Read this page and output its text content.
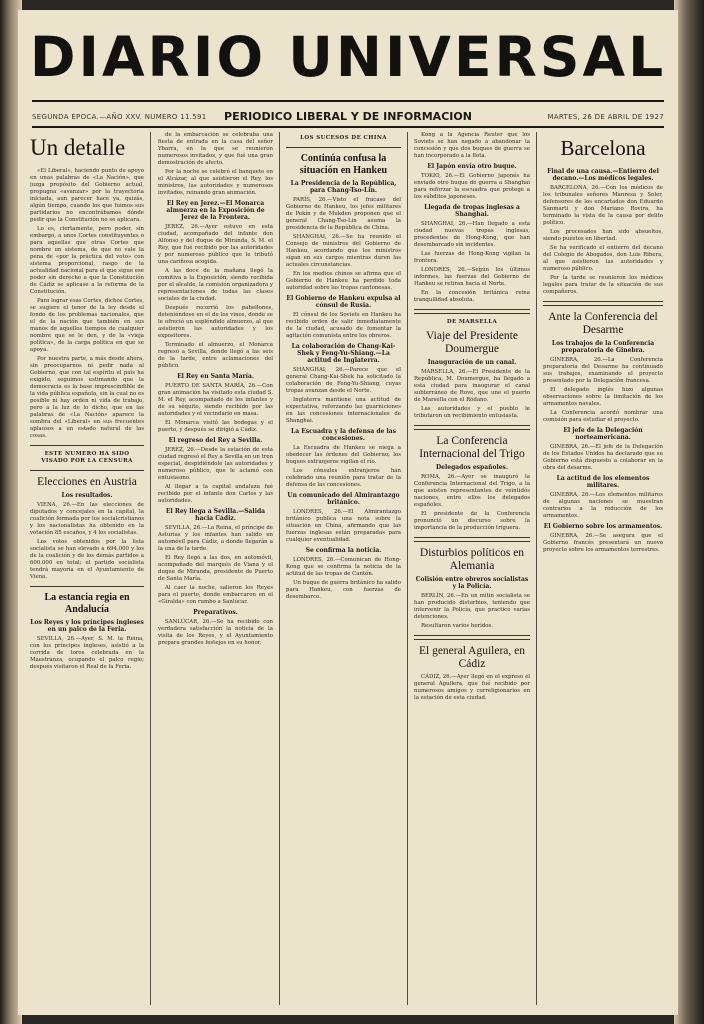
DIARIO UNIVERSAL
SEGUNDA EPOCA.—AÑO XXV. NUMERO 11.591	PERIODICO LIBERAL Y DE INFORMACION	MARTES, 26 DE ABRIL DE 1927
Un detalle
«El Liberal», haciendo punto de apoyo en unas palabras de «La Nación», que juzga propósito del Gobierno actual, propugna «avanzar» por la trayectoria iniciada, aun parecer hace ya, quizás, algún tiempo, cuando los que fuimos sus partidarios no encontrábamos dónde pedir que la Constitución no se aplicara.
Lo es, ciertamente, pero poder, sin embargo, a unos Cortes constituyentes o para aquellas que otras Cortes que nombre un sistema, de que no vale la pena de «por la práctica del voto» con sistema proporcional, rasgo de la actualidad nacional para el que sigue ese poder sin derecho a que la Constitución de Cádiz se aplicase a la reforma de la Constitución.
Para lograr esas Cortes, dichos Cortes, se sugiere el tenor de la ley desde el fondo de los problemas nacionales, que el de la nación que también en sus manos de aquellos tiempos de cualquier nombre que se le den, y de la «vieja política», de la carga política en que se apoya.
Por nuestra parte, a más desde ahora, sin preocuparnos ni pedir nada al Gobierno, que con tal espíritu el país ha exigido, seguimos estimando que la democracia es la base imprescindible de la vida pública española, sin la cual no es posible ni hay orden ni vida de trabajo, pero a la luz de lo dicho, que en las palabras de «La Nación» aparece la sombra del «Liberal» en sus frecuentes aplausos a un estado natural de las cosas.
ESTE NUMERO HA SIDO VISADO POR LA CENSURA
Elecciones en Austria
Los resultados.
VIENA, 26.—En las elecciones de diputados y concejales en la capital, la coalición formada por los socialcristianos y los nacionalistas ha obtenido en la votación 85 escaños, y 4 los socialistas.
Los votos obtenidos por la lista socialista se han elevado a 694.000 y los de la coalición y de los demás partidos a 600.000 en total; el partido socialista tendrá mayoría en el Ayuntamiento de Viena.
La estancia regia en Andalucía
Los Reyes y los príncipes ingleses en un palco de la Feria.
SEVILLA, 26.—Ayer, S. M. la Reina, con los príncipes ingleses, asistió a la corrida de toros celebrada en la Maestranza, ocupando el palco regio; después visitaron el Real de la Feria.
de la embarcación se celebraba una fiesta de entrada en la casa del señor Ybarra, en la que se reunieron numerosos invitados, y que fué una gran demostración de afecto.
Por la noche se celebró el banquete en el Alcázar, al que asistieron el Rey, los ministros, las autoridades y numerosos invitados, reinando gran animación.
El Rey en Jerez.—El Monarca almuerza en la Exposición de Jerez de la Frontera.
JEREZ, 26.—Ayer estuvo en esta ciudad, acompañado del infante don Alfonso y del duque de Miranda, S. M. el Rey, que fué recibido por las autoridades y por numeroso público que le tributó una cariñosa acogida.
A las doce de la mañana llegó la comitiva a la Exposición, siendo recibida por el alcalde, la comisión organizadora y representaciones de todas las clases sociales de la ciudad.
Después recorrió los pabellones, deteniéndose en el de los vinos, donde se le ofreció un espléndido almuerzo, al que asistieron las autoridades y los expositores.
Terminado el almuerzo, el Monarca regresó a Sevilla, donde llegó a las seis de la tarde, entre aclamaciones del público.
El Rey en Santa María.
PUERTO DE SANTA MARÍA, 26.—Con gran animación ha visitado esta ciudad S. M. el Rey, acompañado de los infantes y de su séquito, siendo recibido por las autoridades y el vecindario en masa.
El Monarca visitó las bodegas y el puerto, y después se dirigió a Cádiz.
El regreso del Rey a Sevilla.
JEREZ, 26.—Desde la estación de esta ciudad regresó el Rey a Sevilla en un tren especial, despidiéndole las autoridades y numeroso público, que le aclamó con entusiasmo.
Al llegar a la capital andaluza fué recibido por el infante don Carlos y las autoridades.
El Rey llega a Sevilla.—Salida hacia Cádiz.
SEVILLA, 26.—La Reina, el príncipe de Asturias y los infantes han salido en automóvil para Cádiz, a donde llegarán a la una de la tarde.
El Rey llegó a las dos, en automóvil, acompañado del marqués de Viana y el duque de Miranda, presidente de Puerto de Santa María.
Al caer la noche, salieron los Reyes para el puerto, donde embarcaron en el «Giralda» con rumbo a Sanlúcar.
Preparativos.
SANLÚCAR, 26.—Se ha recibido con verdadera satisfacción la noticia de la visita de los Reyes, y el Ayuntamiento prepara grandes festejos en su honor.
LOS SUCESOS DE CHINA
Continúa confusa la situación en Hankeu
La Presidencia de la República, para Chang-Tso-Lin.
PARÍS, 26.—Visto el fracaso del Gobierno de Hankeu, los jefes militares de Pekín y de Mukden proponen que el general Chang-Tso-Lin asuma la presidencia de la República de China.
SHANGHAI, 26.—Se ha reunido el Consejo de ministros del Gobierno de Hankeu, acordando que los ministros sigan en sus cargos mientras duren las actuales circunstancias.
En los medios chinos se afirma que el Gobierno de Hankeu ha perdido toda autoridad sobre las tropas cantonesas.
El Gobierno de Hankeu expulsa al cónsul de Rusia.
El cónsul de los Soviets en Hankeu ha recibido orden de salir inmediatamente de la ciudad, acusado de fomentar la agitación comunista entre los obreros.
La colaboración de Chang-Kai-Shek y Feng-Yu-Shiang.—La actitud de Inglaterra.
SHANGHAI, 26.—Parece que el general Chang-Kai-Shek ha solicitado la colaboración de Feng-Yu-Shiang, cuyas tropas avanzan desde el Norte.
Inglaterra mantiene una actitud de expectativa, reforzando las guarniciones en las concesiones internacionales de Shanghai.
La Escuadra y la defensa de las concesiones.
La Escuadra de Hankeu se niega a obedecer las órdenes del Gobierno; los buques extranjeros vigilan el río.
Los cónsules extranjeros han celebrado una reunión para tratar de la defensa de las concesiones.
Un comunicado del Almirantazgo británico.
LONDRES, 26.—El Almirantazgo británico publica una nota sobre la situación en China, afirmando que las fuerzas inglesas están preparadas para cualquier eventualidad.
Se confirma la noticia.
LONDRES, 26.—Comunican de Hong-Kong que se confirma la noticia de la actitud de las tropas de Cantón.
Un buque de guerra británico ha salido para Hankeu, con fuerzas de desembarco.
Kong a la Agencia Reuter que los Soviets se han negado a abandonar la concesión y que dos buques de guerra se han incorporado a la flota.
El Japón envía otro buque.
TOKIO, 26.—El Gobierno japonés ha enviado otro buque de guerra a Shanghai para reforzar la escuadra que protege a los súbditos japoneses.
Llegada de tropas inglesas a Shanghai.
SHANGHAI, 26.—Han llegado a esta ciudad nuevas tropas inglesas, procedentes de Hong-Kong, que han desembarcado sin incidentes.
Las fuerzas de Hong-Kong vigilan la frontera.
LONDRES, 26.—Según los últimos informes, las fuerzas del Gobierno de Hankeu se retiran hacia el Norte.
En la concesión británica reina tranquilidad absoluta.
DE MARSELLA
Viaje del Presidente Doumergue
Inauguración de un canal.
MARSELLA, 26.—El Presidente de la República, M. Doumergue, ha llegado a esta ciudad para inaugurar el canal subterráneo de Rove, que une el puerto de Marsella con el Ródano.
Las autoridades y el pueblo le tributaron un recibimiento entusiasta.
La Conferencia Internacional del Trigo
Delegados españoles.
ROMA, 26.—Ayer se inauguró la Conferencia Internacional del Trigo, a la que asisten representantes de veintidós naciones, entre ellos los delegados españoles.
El presidente de la Conferencia pronunció un discurso sobre la importancia de la producción triguera.
Disturbios políticos en Alemania
Colisión entre obreros socialistas y la Policía.
BERLÍN, 26.—En un mitin socialista se han producido disturbios, teniendo que intervenir la Policía, que practicó varias detenciones.
Resultaron varios heridos.
El general Aguilera, en Cádiz
CÁDIZ, 26.—Ayer llegó en el expreso el general Aguilera, que fué recibido por numerosos amigos y correligionarios en la estación de esta ciudad.
Barcelona
Final de una causa.—Entierro del decano.—Los médicos legales.
BARCELONA, 26.—Con los médicos de los tribunales señores Manresa y Soler, defensores de los encartados don Eduardo Sanmarti y don Mariano Rovira, ha terminado la vista de la causa por delito político.
Los procesados han sido absueltos, siendo puestos en libertad.
Se ha verificado el entierro del decano del Colegio de Abogados, don Luis Ribera, al que asistieron las autoridades y numeroso público.
Por la tarde se reunieron los médicos legales para tratar de la situación de sus compañeros.
Ante la Conferencia del Desarme
Los trabajos de la Conferencia preparatoria de Ginebra.
GINEBRA, 26.—La Conferencia preparatoria del Desarme ha continuado sus trabajos, examinando el proyecto presentado por la Delegación francesa.
El delegado inglés hizo algunas observaciones sobre la limitación de los armamentos navales.
La Conferencia acordó nombrar una comisión para estudiar el proyecto.
El jefe de la Delegación norteamericana.
GINEBRA, 26.—El jefe de la Delegación de los Estados Unidos ha declarado que su Gobierno está dispuesto a colaborar en la obra del desarme.
La actitud de los elementos militares.
GINEBRA, 26.—Los elementos militares de algunas naciones se muestran contrarios a la reducción de los armamentos.
El Gobierno sobre los armamentos.
GINEBRA, 26.—Se asegura que el Gobierno francés presentará un nuevo proyecto sobre los armamentos terrestres.
